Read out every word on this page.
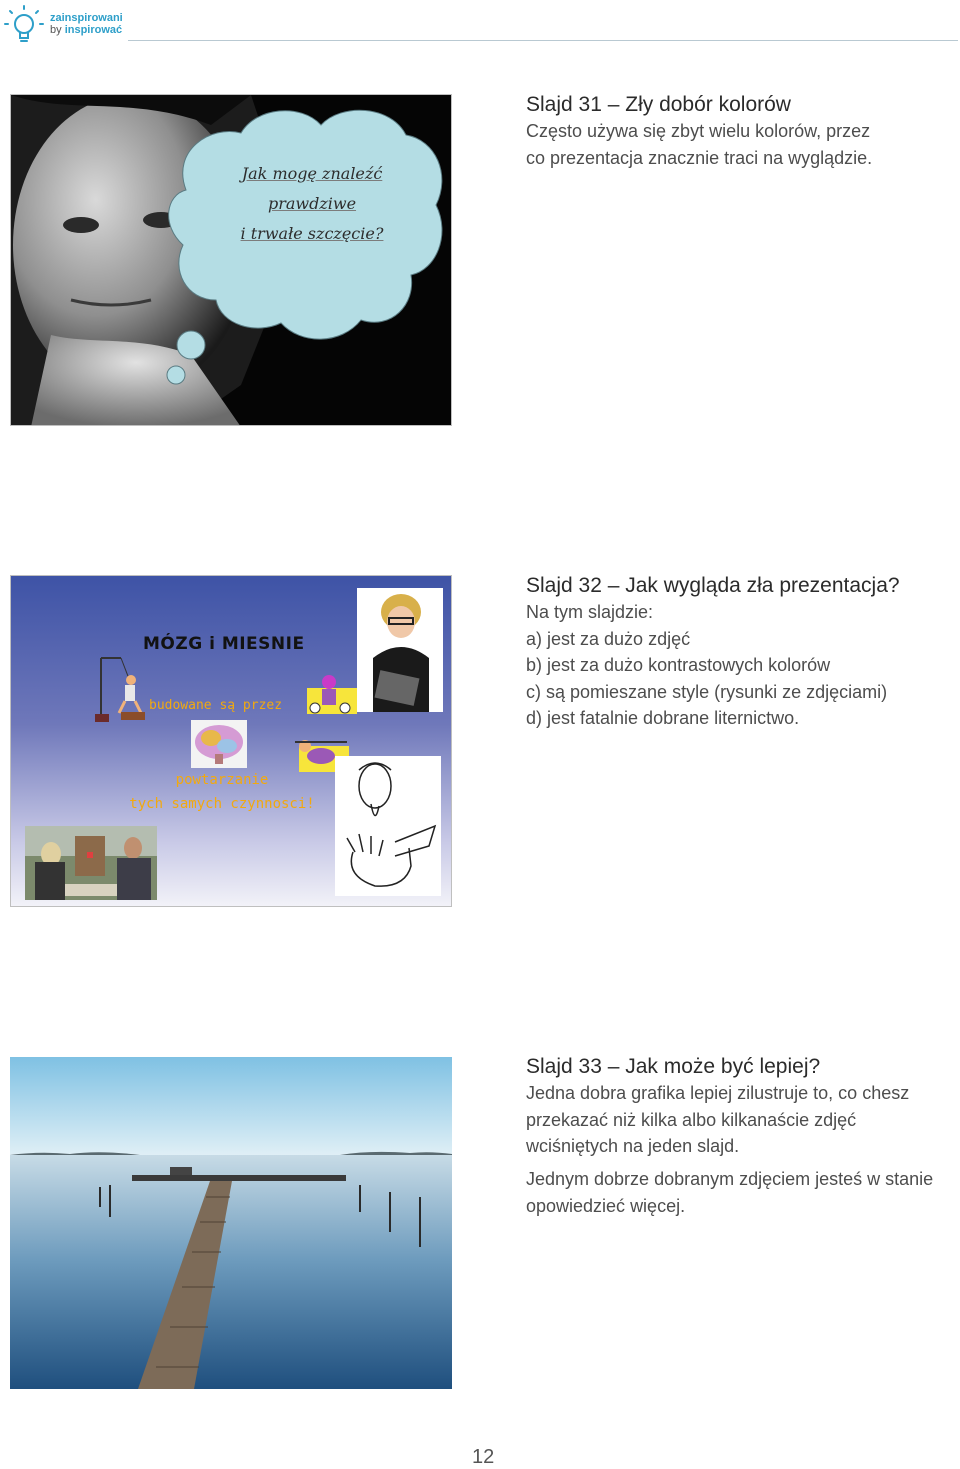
zainspirowani
by inspirować
Jak mogę znaleźć
prawdziwe
i trwałe szczęcie?
Slajd 31 – Zły dobór kolorów
Często używa się zbyt wielu kolorów, przez co prezentacja znacznie traci na wyglądzie.
MÓZG i MIESNIE
budowane są przez
powtarzanie
tych samych czynnosci!
Slajd 32 – Jak wygląda zła prezentacja?
Na tym slajdzie:
a) jest za dużo zdjęć
b) jest za dużo kontrastowych kolorów
c) są pomieszane style (rysunki ze zdjęciami)
d) jest fatalnie dobrane liternictwo.
Slajd 33 – Jak może być lepiej?
Jedna dobra grafika lepiej zilustruje to, co chesz przekazać niż kilka albo kilkanaście zdjęć wciśniętych na jeden slajd.
Jednym dobrze dobranym zdjęciem jesteś w stanie opowiedzieć więcej.
12
